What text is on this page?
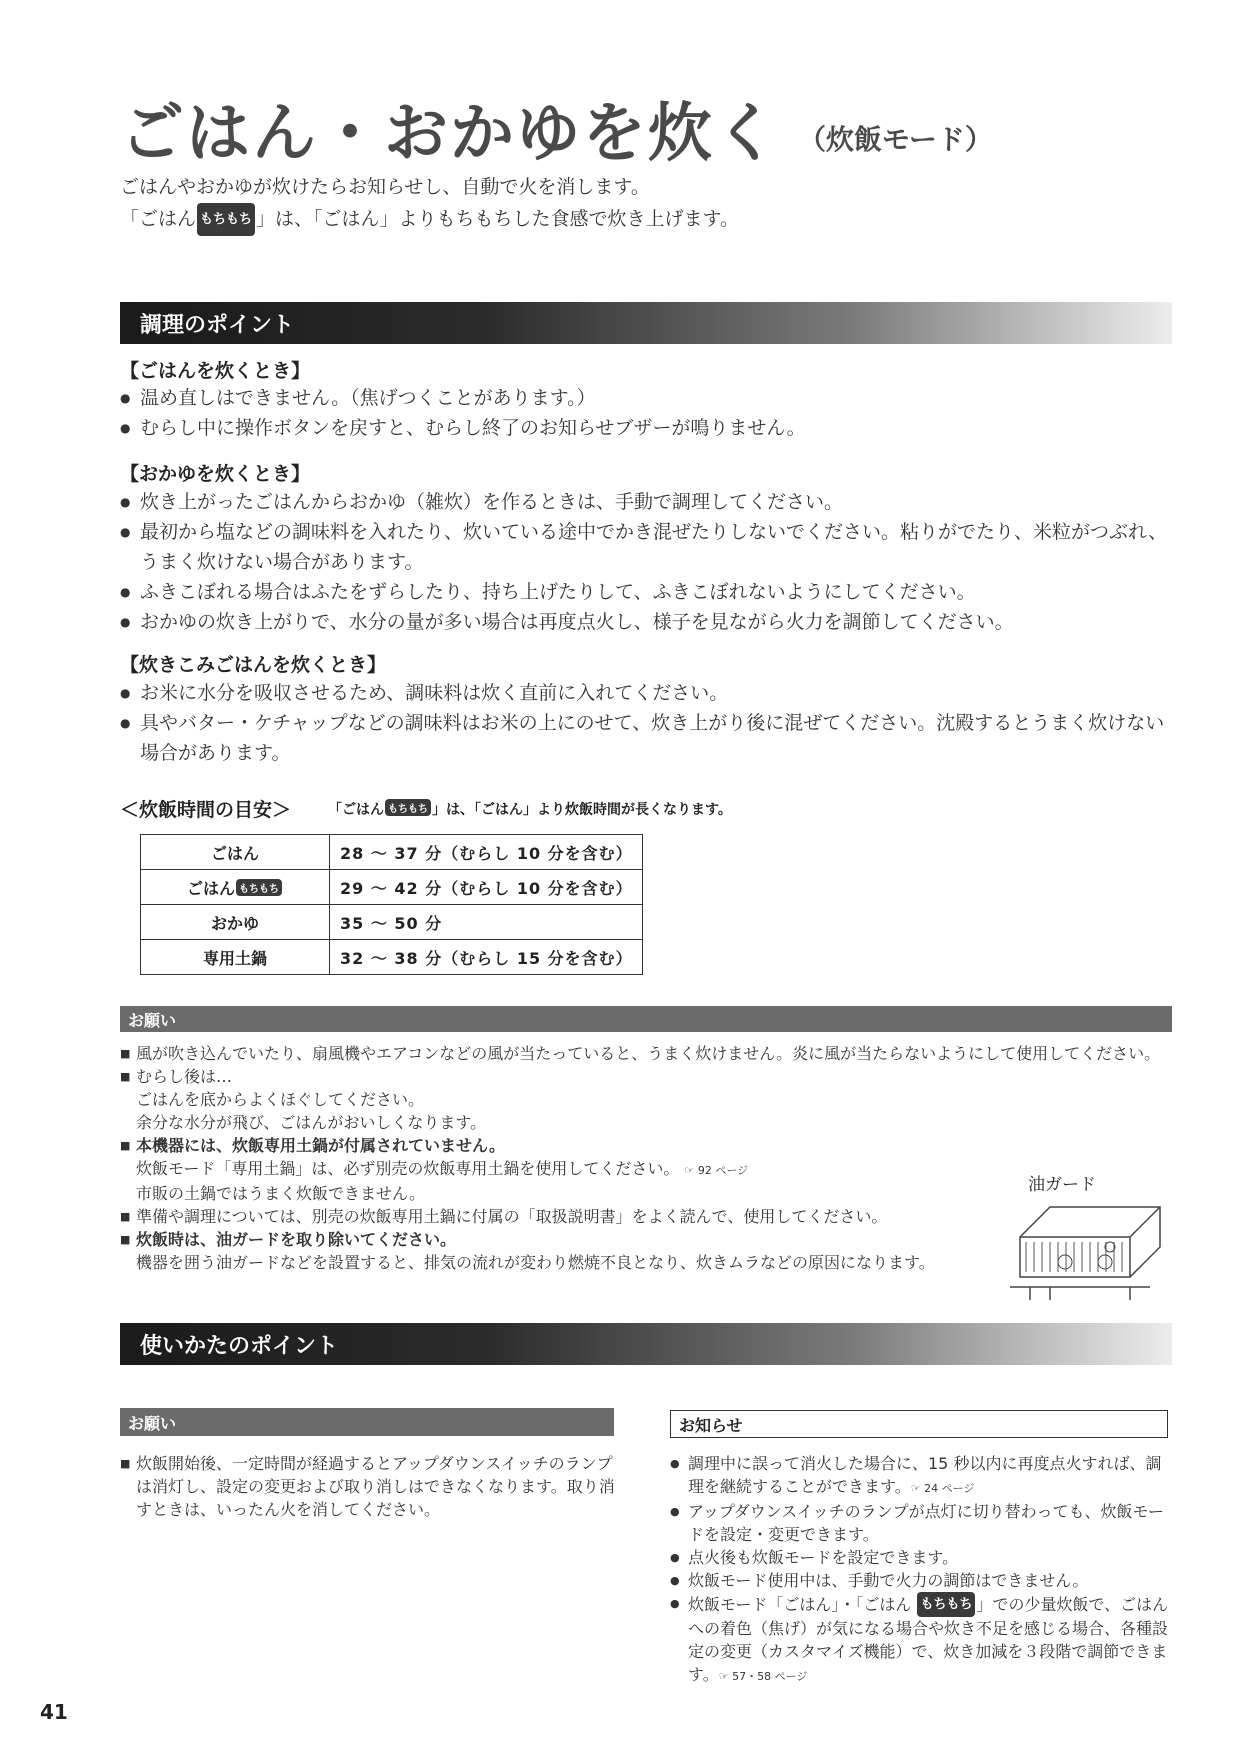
ごはん・おかゆを炊く （炊飯モード）
ごはんやおかゆが炊けたらお知らせし、自動で火を消します。
「ごはん もちもち 」は、「ごはん」よりもちもちした食感で炊き上げます。
調理のポイント
【ごはんを炊くとき】
● 温め直しはできません。（焦げつくことがあります。）
● むらし中に操作ボタンを戻すと、むらし終了のお知らせブザーが鳴りません。
【おかゆを炊くとき】
● 炊き上がったごはんからおかゆ（雑炊）を作るときは、手動で調理してください。
● 最初から塩などの調味料を入れたり、炊いている途中でかき混ぜたりしないでください。粘りがでたり、米粒がつぶれ、うまく炊けない場合があります。
● ふきこぼれる場合はふたをずらしたり、持ち上げたりして、ふきこぼれないようにしてください。
● おかゆの炊き上がりで、水分の量が多い場合は再度点火し、様子を見ながら火力を調節してください。
【炊きこみごはんを炊くとき】
● お米に水分を吸収させるため、調味料は炊く直前に入れてください。
● 具やバター・ケチャップなどの調味料はお米の上にのせて、炊き上がり後に混ぜてください。沈殿するとうまく炊けない場合があります。
＜炊飯時間の目安＞	「ごはん もちもち 」は、「ごはん」より炊飯時間が長くなります。
ごはん	28 ～ 37 分（むらし 10 分を含む）
ごはん もちもち	29 ～ 42 分（むらし 10 分を含む）
おかゆ	35 ～ 50 分
専用土鍋	32 ～ 38 分（むらし 15 分を含む）
お願い
■ 風が吹き込んでいたり、扇風機やエアコンなどの風が当たっていると、うまく炊けません。炎に風が当たらないようにして使用してください。
■ むらし後は…
ごはんを底からよくほぐしてください。
余分な水分が飛び、ごはんがおいしくなります。
■ 本機器には、炊飯専用土鍋が付属されていません。
炊飯モード「専用土鍋」は、必ず別売の炊飯専用土鍋を使用してください。 ☞ 92 ページ
市販の土鍋ではうまく炊飯できません。
■ 準備や調理については、別売の炊飯専用土鍋に付属の「取扱説明書」をよく読んで、使用してください。
■ 炊飯時は、油ガードを取り除いてください。
機器を囲う油ガードなどを設置すると、排気の流れが変わり燃焼不良となり、炊きムラなどの原因になります。
油ガード
使いかたのポイント
お願い	お知らせ
■ 炊飯開始後、一定時間が経過するとアップダウンスイッチのランプは消灯し、設定の変更および取り消しはできなくなります。取り消すときは、いったん火を消してください。
● 調理中に誤って消火した場合に、15 秒以内に再度点火すれば、調理を継続することができます。☞ 24 ページ
● アップダウンスイッチのランプが点灯に切り替わっても、炊飯モードを設定・変更できます。
● 点火後も炊飯モードを設定できます。
● 炊飯モード使用中は、手動で火力の調節はできません。
● 炊飯モード「ごはん」・「ごはん もちもち 」での少量炊飯で、ごはんへの着色（焦げ）が気になる場合や炊き不足を感じる場合、各種設定の変更（カスタマイズ機能）で、炊き加減を３段階で調節できます。☞ 57・58 ページ
41
